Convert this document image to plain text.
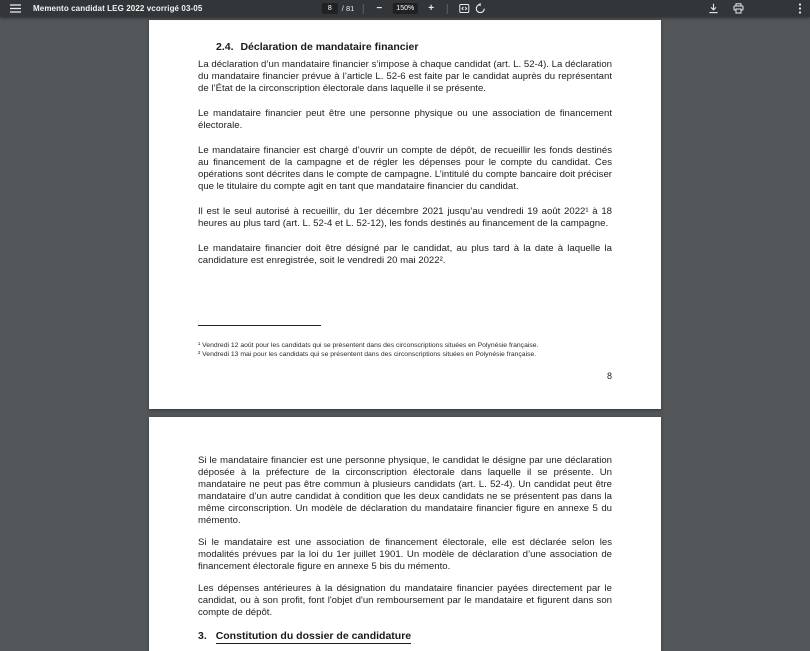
Memento candidat LEG 2022 vcorrigé 03-05
8	/ 81	−	150%	+
2.4. Déclaration de mandataire financier

La déclaration d’un mandataire financier s’impose à chaque candidat (art. L. 52-4). La déclaration du mandataire financier prévue à l’article L. 52-6 est faite par le candidat auprès du représentant de l’État de la circonscription électorale dans laquelle il se présente.

Le mandataire financier peut être une personne physique ou une association de financement électorale.

Le mandataire financier est chargé d’ouvrir un compte de dépôt, de recueillir les fonds destinés au financement de la campagne et de régler les dépenses pour le compte du candidat. Ces opérations sont décrites dans le compte de campagne. L’intitulé du compte bancaire doit préciser que le titulaire du compte agit en tant que mandataire financier du candidat.

Il est le seul autorisé à recueillir, du 1er décembre 2021 jusqu’au vendredi 19 août 2022¹ à 18 heures au plus tard (art. L. 52-4 et L. 52-12), les fonds destinés au financement de la campagne.

Le mandataire financier doit être désigné par le candidat, au plus tard à la date à laquelle la candidature est enregistrée, soit le vendredi 20 mai 2022².

¹ Vendredi 12 août pour les candidats qui se présentent dans des circonscriptions situées en Polynésie française.

² Vendredi 13 mai pour les candidats qui se présentent dans des circonscriptions situées en Polynésie française.

8

Si le mandataire financier est une personne physique, le candidat le désigne par une déclaration déposée à la préfecture de la circonscription électorale dans laquelle il se présente. Un mandataire ne peut pas être commun à plusieurs candidats (art. L. 52-4). Un candidat peut être mandataire d’un autre candidat à condition que les deux candidats ne se présentent pas dans la même circonscription. Un modèle de déclaration du mandataire financier figure en annexe 5 du mémento.

Si le mandataire est une association de financement électorale, elle est déclarée selon les modalités prévues par la loi du 1er juillet 1901. Un modèle de déclaration d’une association de financement électorale figure en annexe 5 bis du mémento.

Les dépenses antérieures à la désignation du mandataire financier payées directement par le candidat, ou à son profit, font l'objet d'un remboursement par le mandataire et figurent dans son compte de dépôt.

3. Constitution du dossier de candidature
